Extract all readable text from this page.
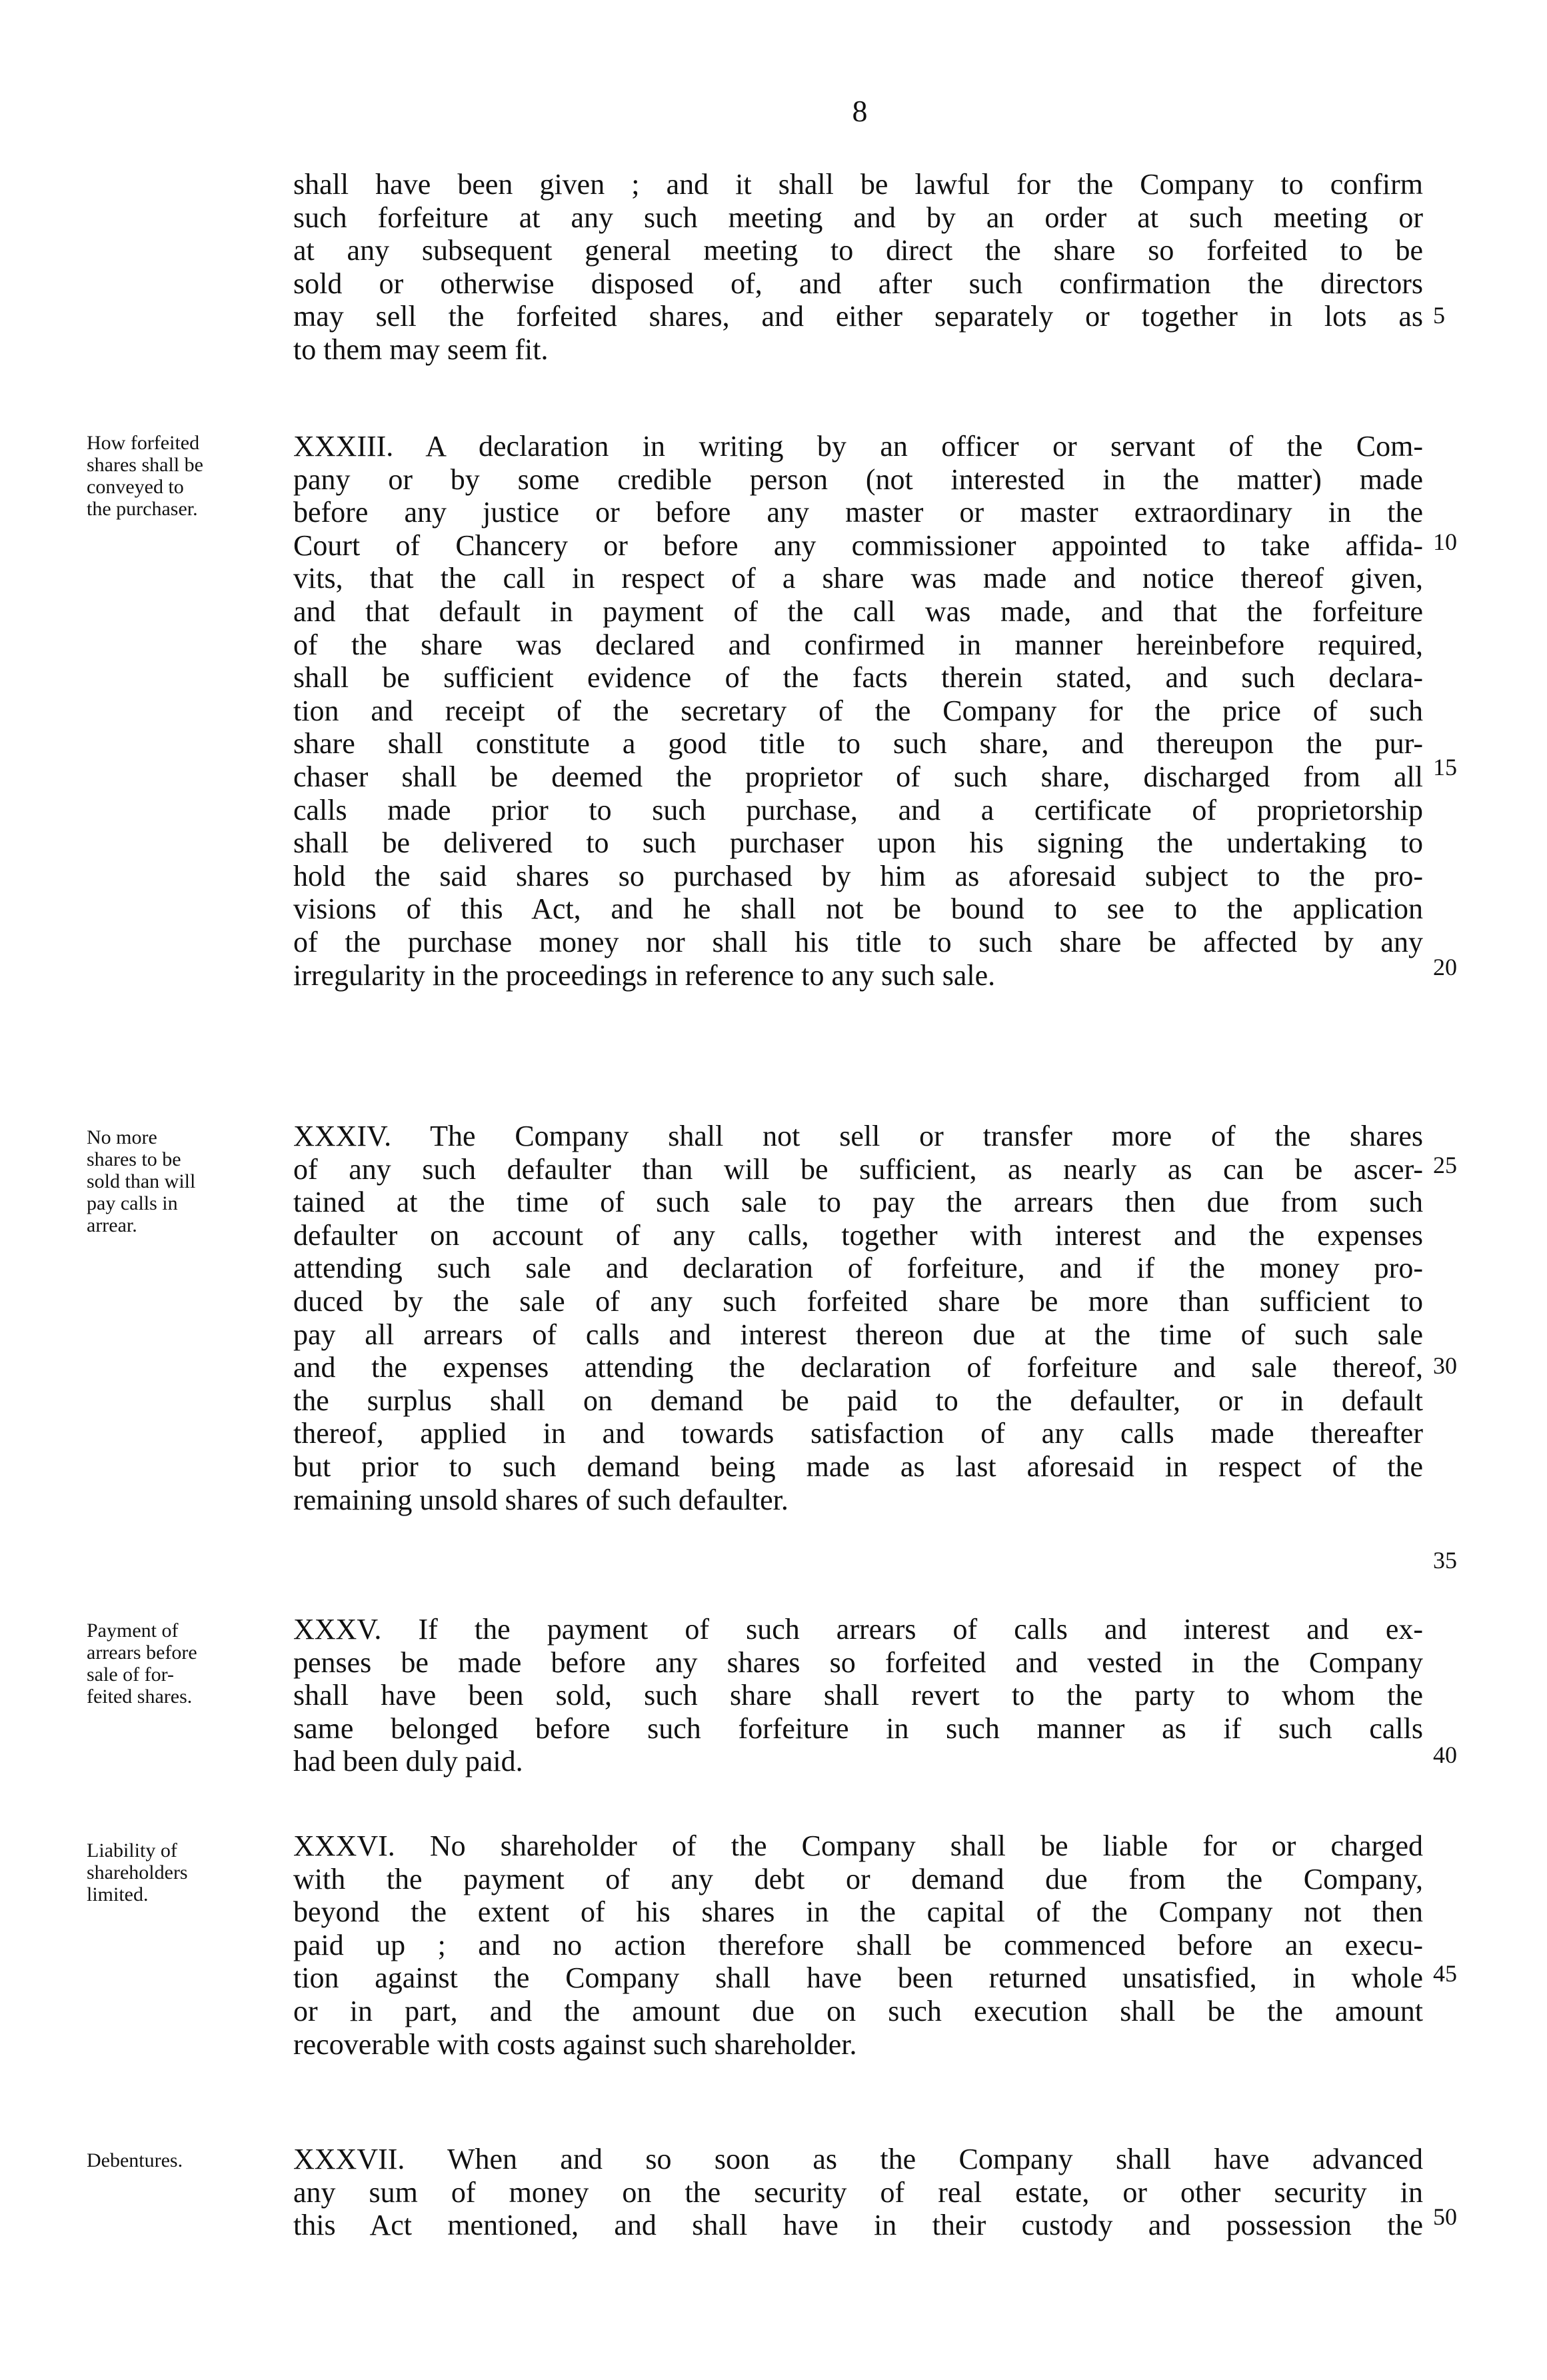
8
shall have been given ; and it shall be lawful for the Company to confirm
such forfeiture at any such meeting and by an order at such meeting or
at any subsequent general meeting to direct the share so forfeited to be
sold or otherwise disposed of, and after such confirmation the directors
may sell the forfeited shares, and either separately or together in lots as
to them may seem fit.
XXXIII. A declaration in writing by an officer or servant of the Com-
pany or by some credible person (not interested in the matter) made
before any justice or before any master or master extraordinary in the
Court of Chancery or before any commissioner appointed to take affida-
vits, that the call in respect of a share was made and notice thereof given,
and that default in payment of the call was made, and that the forfeiture
of the share was declared and confirmed in manner hereinbefore required,
shall be sufficient evidence of the facts therein stated, and such declara-
tion and receipt of the secretary of the Company for the price of such
share shall constitute a good title to such share, and thereupon the pur-
chaser shall be deemed the proprietor of such share, discharged from all
calls made prior to such purchase, and a certificate of proprietorship
shall be delivered to such purchaser upon his signing the undertaking to
hold the said shares so purchased by him as aforesaid subject to the pro-
visions of this Act, and he shall not be bound to see to the application
of the purchase money nor shall his title to such share be affected by any
irregularity in the proceedings in reference to any such sale.
XXXIV. The Company shall not sell or transfer more of the shares
of any such defaulter than will be sufficient, as nearly as can be ascer-
tained at the time of such sale to pay the arrears then due from such
defaulter on account of any calls, together with interest and the expenses
attending such sale and declaration of forfeiture, and if the money pro-
duced by the sale of any such forfeited share be more than sufficient to
pay all arrears of calls and interest thereon due at the time of such sale
and the expenses attending the declaration of forfeiture and sale thereof,
the surplus shall on demand be paid to the defaulter, or in default
thereof, applied in and towards satisfaction of any calls made thereafter
but prior to such demand being made as last aforesaid in respect of the
remaining unsold shares of such defaulter.
XXXV. If the payment of such arrears of calls and interest and ex-
penses be made before any shares so forfeited and vested in the Company
shall have been sold, such share shall revert to the party to whom the
same belonged before such forfeiture in such manner as if such calls
had been duly paid.
XXXVI. No shareholder of the Company shall be liable for or charged
with the payment of any debt or demand due from the Company,
beyond the extent of his shares in the capital of the Company not then
paid up ; and no action therefore shall be commenced before an execu-
tion against the Company shall have been returned unsatisfied, in whole
or in part, and the amount due on such execution shall be the amount
recoverable with costs against such shareholder.
XXXVII. When and so soon as the Company shall have advanced
any sum of money on the security of real estate, or other security in
this Act mentioned, and shall have in their custody and possession the
How forfeited
shares shall be
conveyed to
the purchaser.
No more
shares to be
sold than will
pay calls in
arrear.
Payment of
arrears before
sale of for-
feited shares.
Liability of
shareholders
limited.
Debentures.
5
10
15
20
25
30
35
40
45
50
